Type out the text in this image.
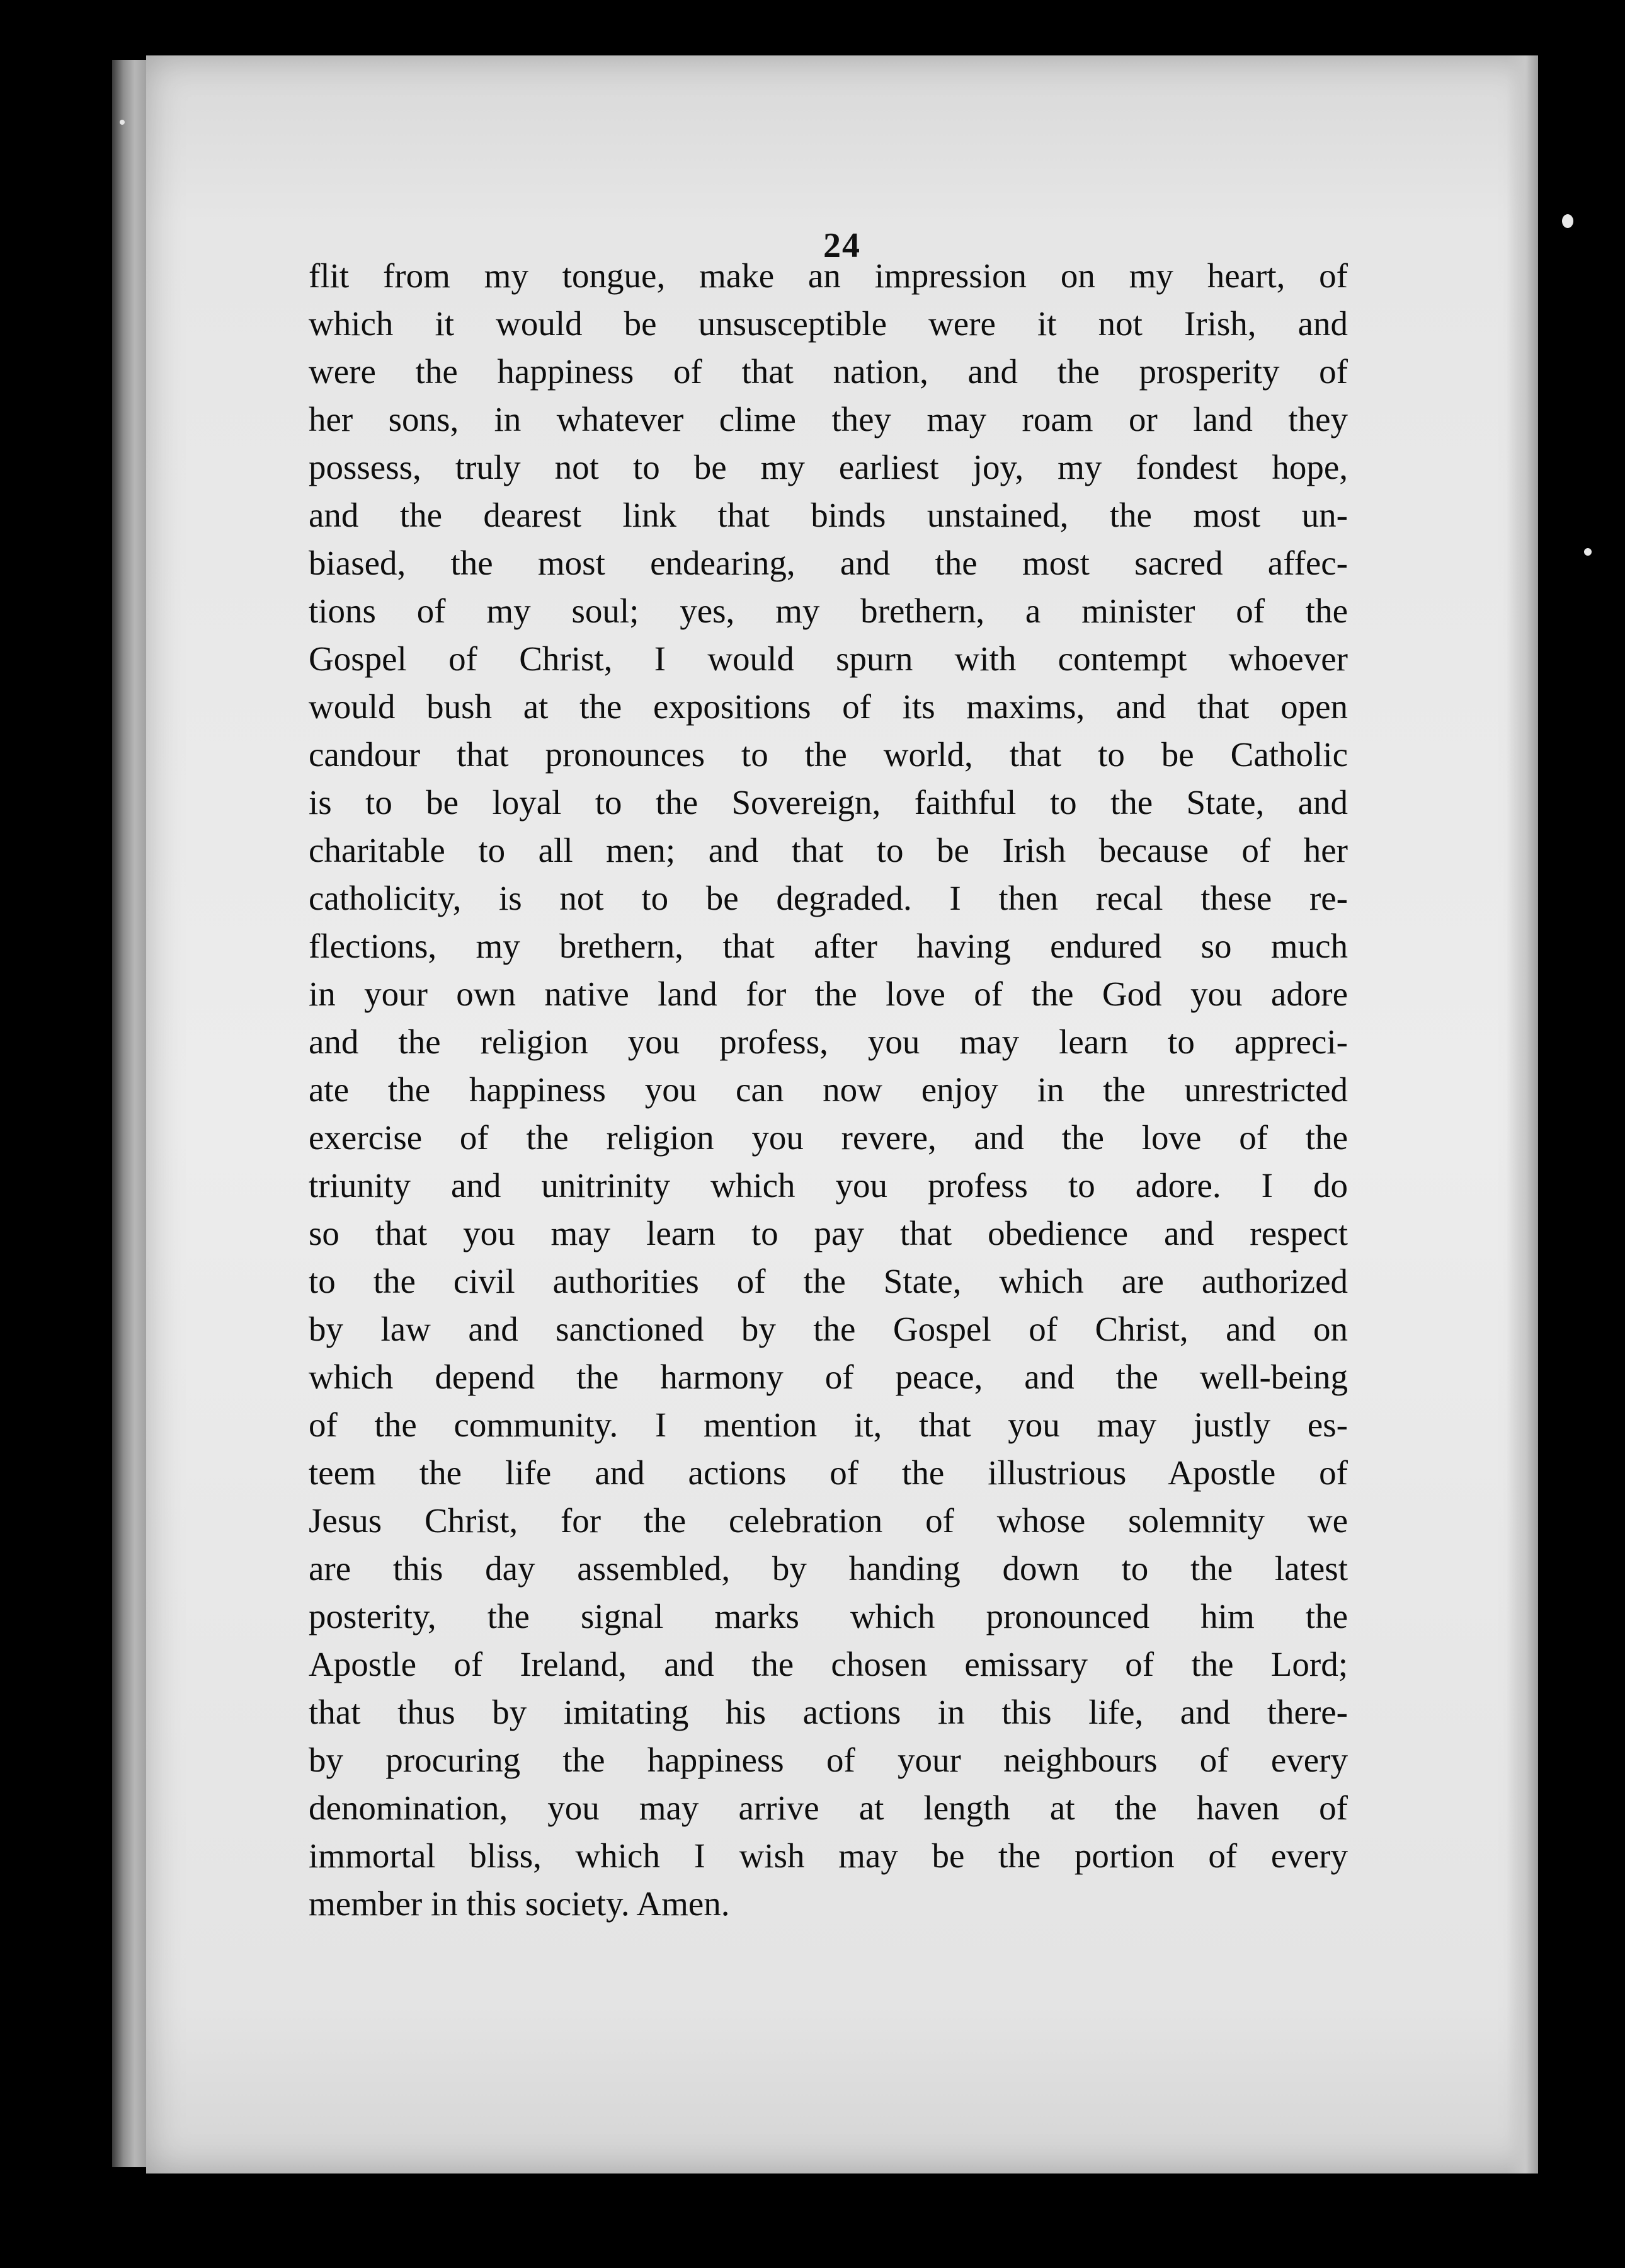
24
flit from my tongue, make an impression on my heart, of
which it would be unsusceptible were it not Irish, and
were the happiness of that nation, and the prosperity of
her sons, in whatever clime they may roam or land they
possess, truly not to be my earliest joy, my fondest hope,
and the dearest link that binds unstained, the most un-
biased, the most endearing, and the most sacred affec-
tions of my soul; yes, my brethern, a minister of the
Gospel of Christ, I would spurn with contempt whoever
would bush at the expositions of its maxims, and that open
candour that pronounces to the world, that to be Catholic
is to be loyal to the Sovereign, faithful to the State, and
charitable to all men; and that to be Irish because of her
catholicity, is not to be degraded. I then recal these re-
flections, my brethern, that after having endured so much
in your own native land for the love of the God you adore
and the religion you profess, you may learn to appreci-
ate the happiness you can now enjoy in the unrestricted
exercise of the religion you revere, and the love of the
triunity and unitrinity which you profess to adore. I do
so that you may learn to pay that obedience and respect
to the civil authorities of the State, which are authorized
by law and sanctioned by the Gospel of Christ, and on
which depend the harmony of peace, and the well-being
of the community. I mention it, that you may justly es-
teem the life and actions of the illustrious Apostle of
Jesus Christ, for the celebration of whose solemnity we
are this day assembled, by handing down to the latest
posterity, the signal marks which pronounced him the
Apostle of Ireland, and the chosen emissary of the Lord;
that thus by imitating his actions in this life, and there-
by procuring the happiness of your neighbours of every
denomination, you may arrive at length at the haven of
immortal bliss, which I wish may be the portion of every
member in this society. Amen.
